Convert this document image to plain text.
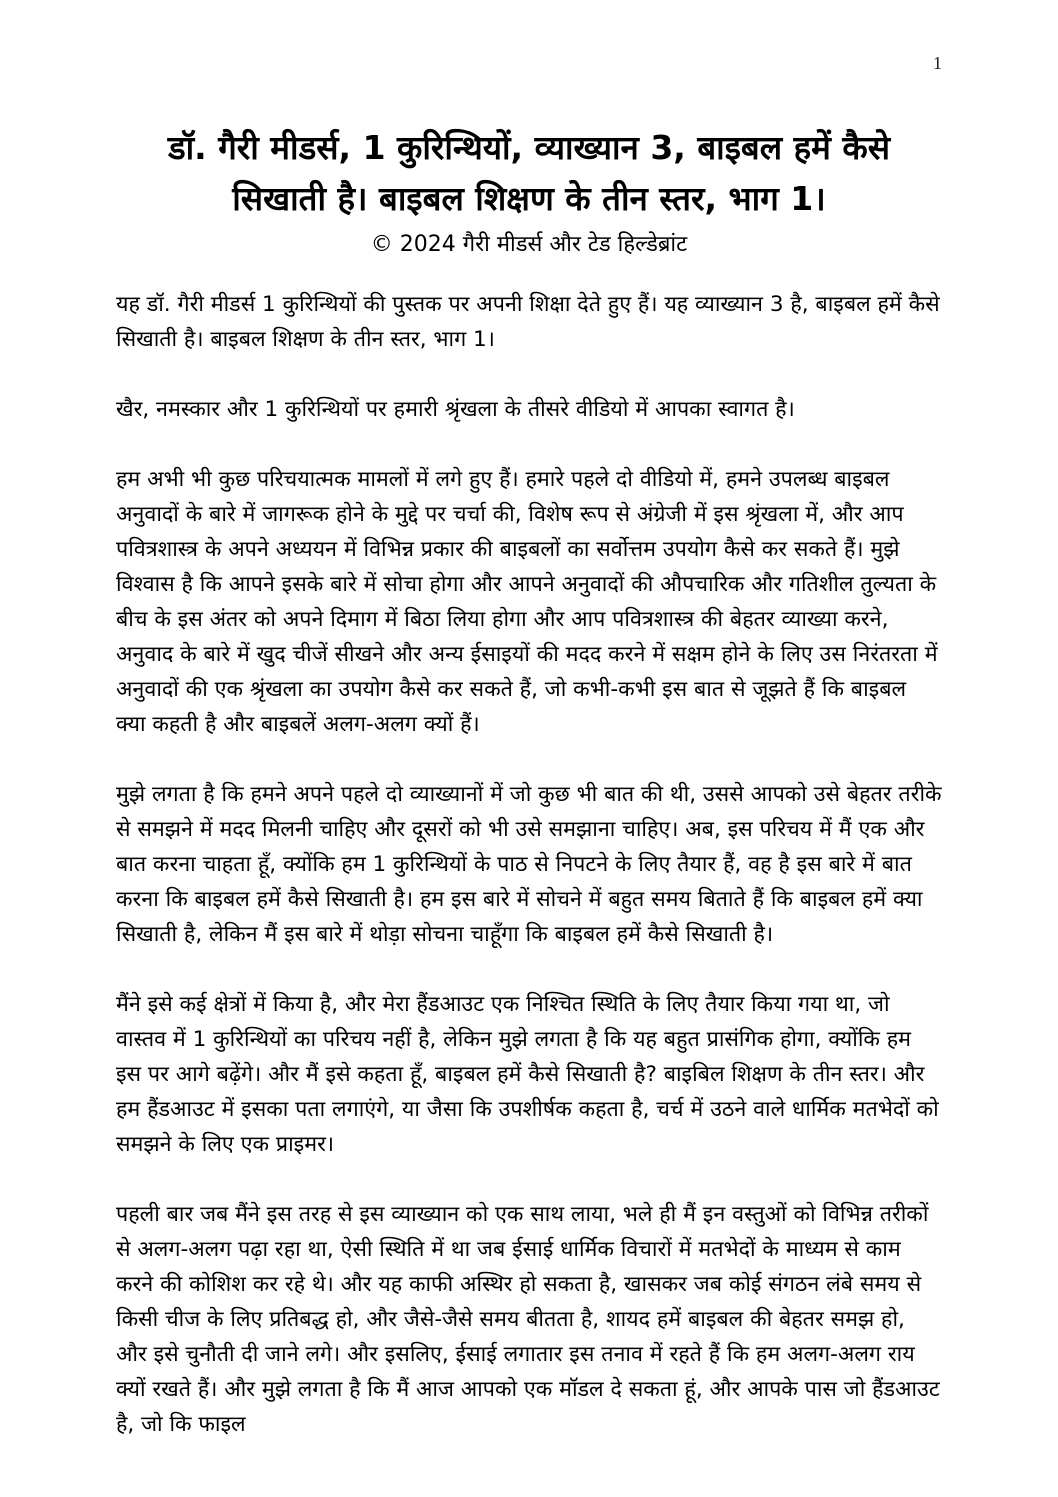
1
डॉ. गैरी मीडर्स, 1 कुरिन्थियों, व्याख्यान 3, बाइबल हमें कैसे सिखाती है। बाइबल शिक्षण के तीन स्तर, भाग 1।
© 2024 गैरी मीडर्स और टेड हिल्डेब्रांट

यह डॉ. गैरी मीडर्स 1 कुरिन्थियों की पुस्तक पर अपनी शिक्षा देते हुए हैं। यह व्याख्यान 3 है, बाइबल हमें कैसे सिखाती है। बाइबल शिक्षण के तीन स्तर, भाग 1।

खैर, नमस्कार और 1 कुरिन्थियों पर हमारी श्रृंखला के तीसरे वीडियो में आपका स्वागत है।

हम अभी भी कुछ परिचयात्मक मामलों में लगे हुए हैं। हमारे पहले दो वीडियो में, हमने उपलब्ध बाइबल अनुवादों के बारे में जागरूक होने के मुद्दे पर चर्चा की, विशेष रूप से अंग्रेजी में इस श्रृंखला में, और आप पवित्रशास्त्र के अपने अध्ययन में विभिन्न प्रकार की बाइबलों का सर्वोत्तम उपयोग कैसे कर सकते हैं। मुझे विश्वास है कि आपने इसके बारे में सोचा होगा और आपने अनुवादों की औपचारिक और गतिशील तुल्यता के बीच के इस अंतर को अपने दिमाग में बिठा लिया होगा और आप पवित्रशास्त्र की बेहतर व्याख्या करने, अनुवाद के बारे में खुद चीजें सीखने और अन्य ईसाइयों की मदद करने में सक्षम होने के लिए उस निरंतरता में अनुवादों की एक श्रृंखला का उपयोग कैसे कर सकते हैं, जो कभी-कभी इस बात से जूझते हैं कि बाइबल क्या कहती है और बाइबलें अलग-अलग क्यों हैं।

मुझे लगता है कि हमने अपने पहले दो व्याख्यानों में जो कुछ भी बात की थी, उससे आपको उसे बेहतर तरीके से समझने में मदद मिलनी चाहिए और दूसरों को भी उसे समझाना चाहिए। अब, इस परिचय में मैं एक और बात करना चाहता हूँ, क्योंकि हम 1 कुरिन्थियों के पाठ से निपटने के लिए तैयार हैं, वह है इस बारे में बात करना कि बाइबल हमें कैसे सिखाती है। हम इस बारे में सोचने में बहुत समय बिताते हैं कि बाइबल हमें क्या सिखाती है, लेकिन मैं इस बारे में थोड़ा सोचना चाहूँगा कि बाइबल हमें कैसे सिखाती है।

मैंने इसे कई क्षेत्रों में किया है, और मेरा हैंडआउट एक निश्चित स्थिति के लिए तैयार किया गया था, जो वास्तव में 1 कुरिन्थियों का परिचय नहीं है, लेकिन मुझे लगता है कि यह बहुत प्रासंगिक होगा, क्योंकि हम इस पर आगे बढ़ेंगे। और मैं इसे कहता हूँ, बाइबल हमें कैसे सिखाती है? बाइबिल शिक्षण के तीन स्तर। और हम हैंडआउट में इसका पता लगाएंगे, या जैसा कि उपशीर्षक कहता है, चर्च में उठने वाले धार्मिक मतभेदों को समझने के लिए एक प्राइमर।

पहली बार जब मैंने इस तरह से इस व्याख्यान को एक साथ लाया, भले ही मैं इन वस्तुओं को विभिन्न तरीकों से अलग-अलग पढ़ा रहा था, ऐसी स्थिति में था जब ईसाई धार्मिक विचारों में मतभेदों के माध्यम से काम करने की कोशिश कर रहे थे। और यह काफी अस्थिर हो सकता है, खासकर जब कोई संगठन लंबे समय से किसी चीज के लिए प्रतिबद्ध हो, और जैसे-जैसे समय बीतता है, शायद हमें बाइबल की बेहतर समझ हो, और इसे चुनौती दी जाने लगे। और इसलिए, ईसाई लगातार इस तनाव में रहते हैं कि हम अलग-अलग राय क्यों रखते हैं। और मुझे लगता है कि मैं आज आपको एक मॉडल दे सकता हूं, और आपके पास जो हैंडआउट है, जो कि फाइल
